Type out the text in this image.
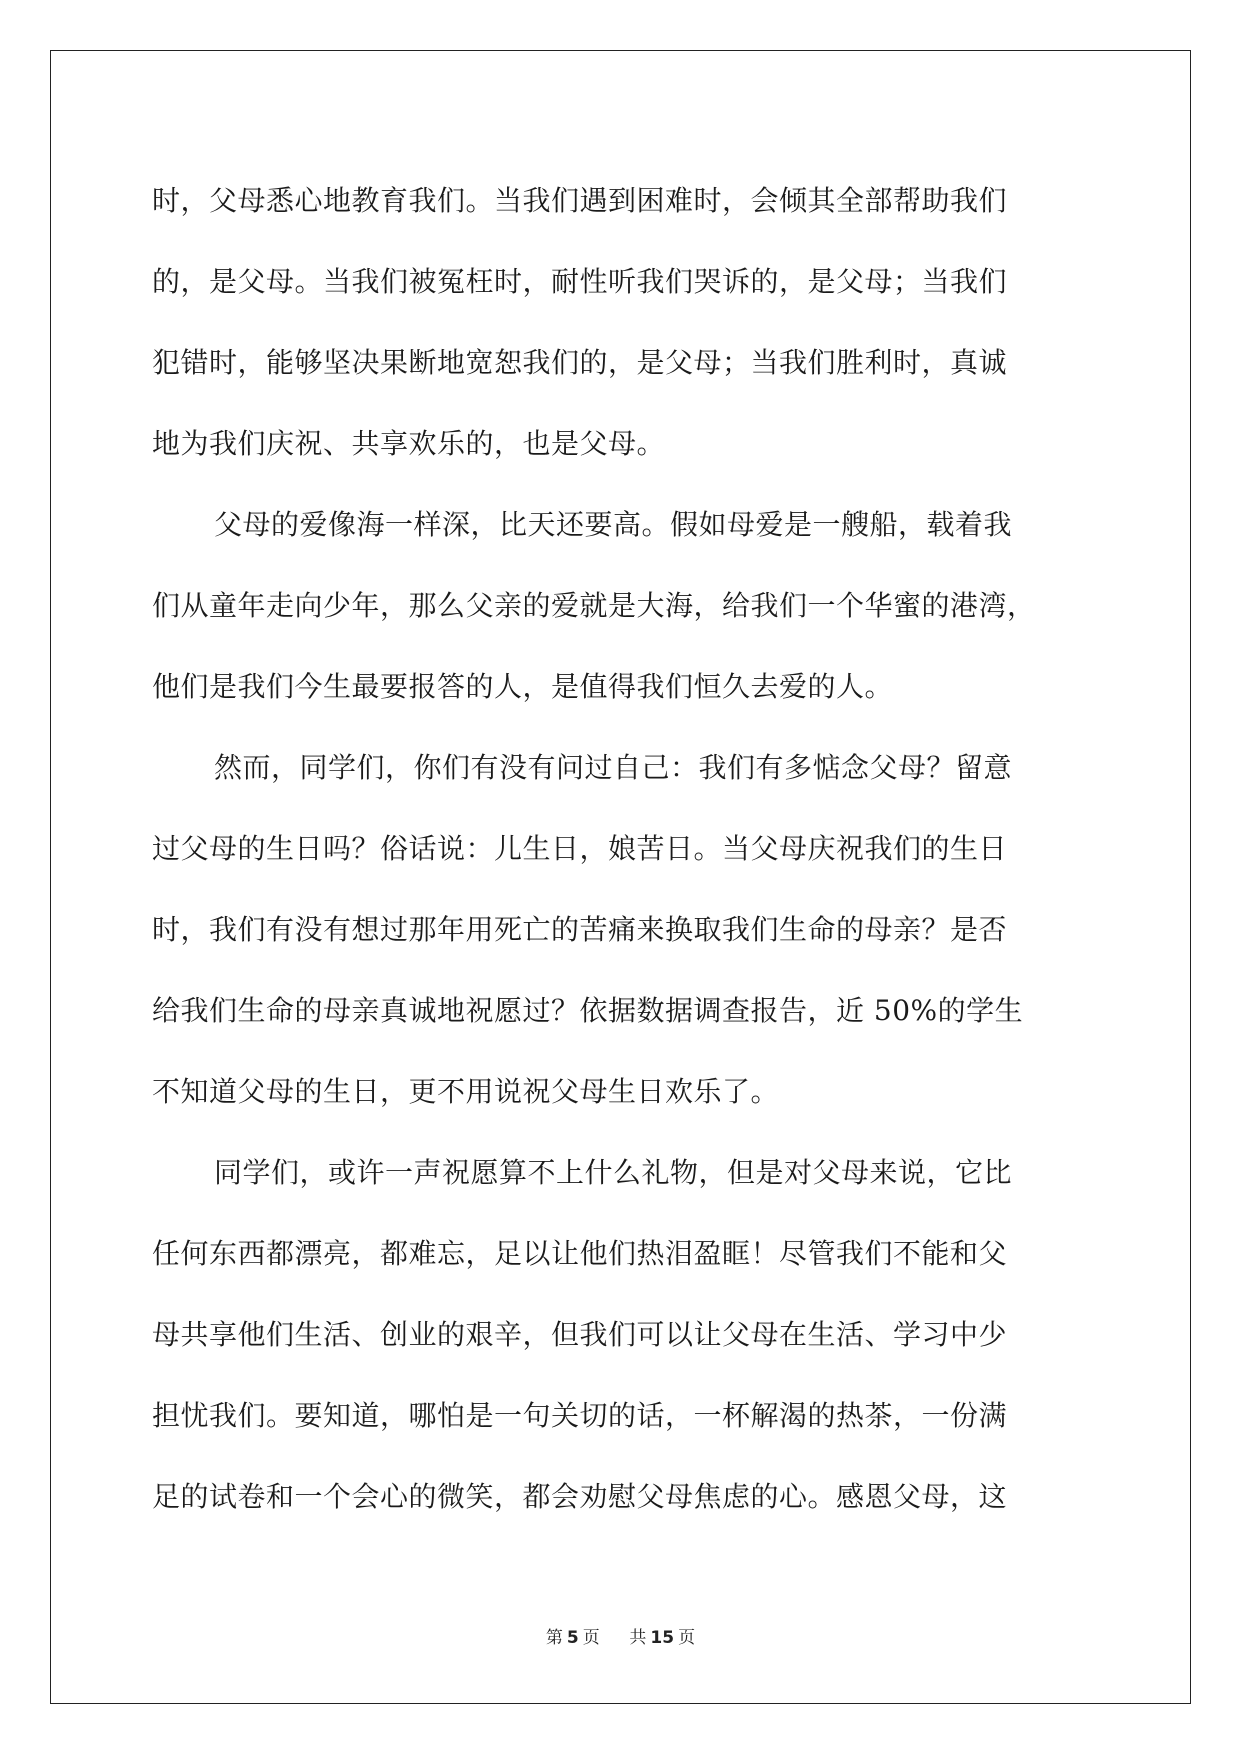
时，父母悉心地教育我们。当我们遇到困难时，会倾其全部帮助我们
的，是父母。当我们被冤枉时，耐性听我们哭诉的，是父母；当我们
犯错时，能够坚决果断地宽恕我们的，是父母；当我们胜利时，真诚
地为我们庆祝、共享欢乐的，也是父母。
父母的爱像海一样深，比天还要高。假如母爱是一艘船，载着我
们从童年走向少年，那么父亲的爱就是大海，给我们一个华蜜的港湾，
他们是我们今生最要报答的人，是值得我们恒久去爱的人。
然而，同学们，你们有没有问过自己：我们有多惦念父母？留意
过父母的生日吗？俗话说：儿生日，娘苦日。当父母庆祝我们的生日
时，我们有没有想过那年用死亡的苦痛来换取我们生命的母亲？是否
给我们生命的母亲真诚地祝愿过？依据数据调查报告，近 50%的学生
不知道父母的生日，更不用说祝父母生日欢乐了。
同学们，或许一声祝愿算不上什么礼物，但是对父母来说，它比
任何东西都漂亮，都难忘，足以让他们热泪盈眶！尽管我们不能和父
母共享他们生活、创业的艰辛，但我们可以让父母在生活、学习中少
担忧我们。要知道，哪怕是一句关切的话，一杯解渴的热茶，一份满
足的试卷和一个会心的微笑，都会劝慰父母焦虑的心。感恩父母，这
第 5 页 共 15 页
